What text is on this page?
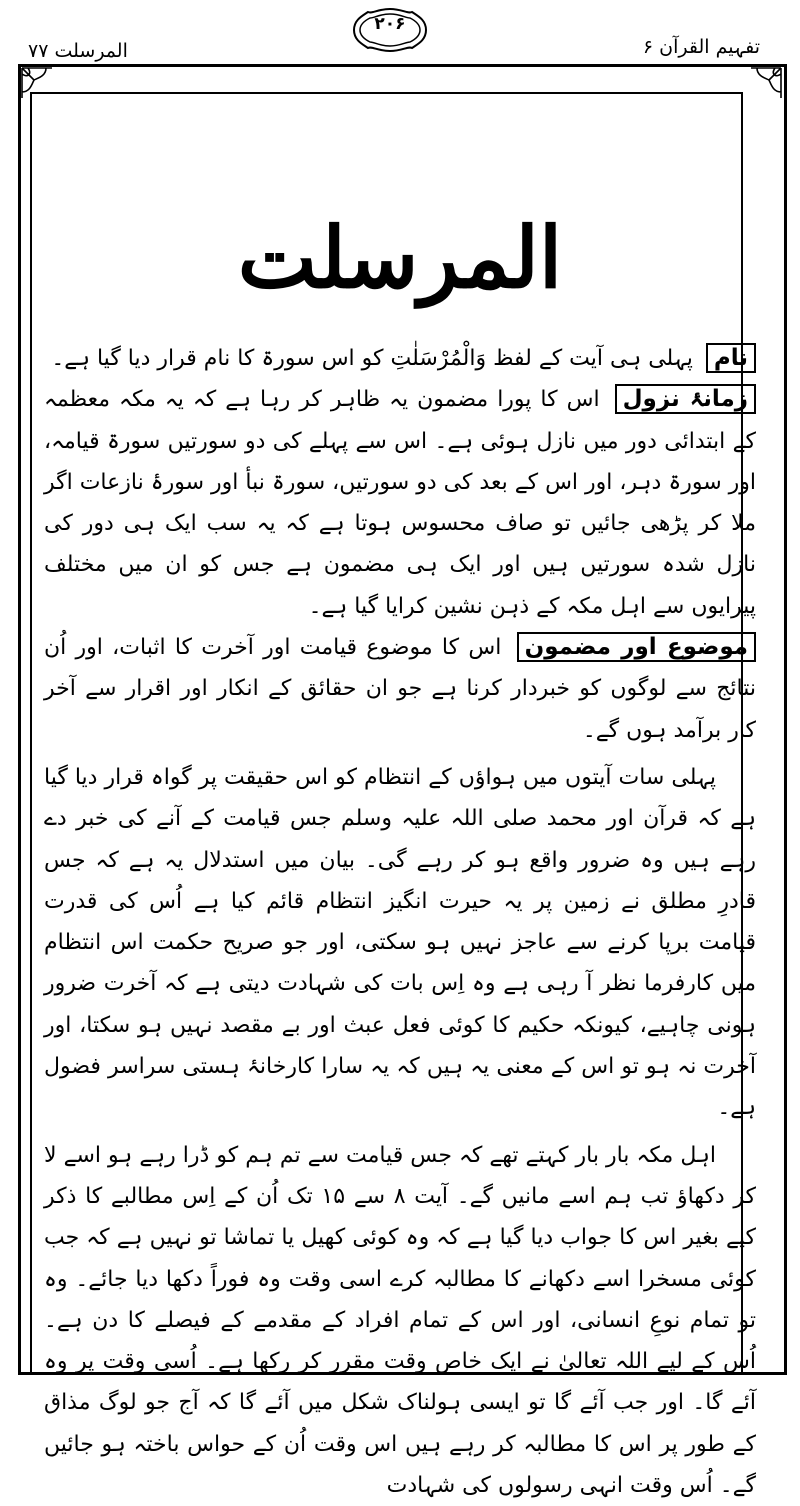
المرسلت ۷۷
۲۰۶
تفہیم القرآن ۶
المرسلت

نام پہلی ہی آیت کے لفظ وَالْمُرْسَلٰتِ کو اس سورۃ کا نام قرار دیا گیا ہے۔

زمانۂ نزول اس کا پورا مضمون یہ ظاہر کر رہا ہے کہ یہ مکہ معظمہ کے ابتدائی دور میں نازل ہوئی ہے۔ اس سے پہلے کی دو سورتیں سورۃ قیامہ، اور سورۃ دہر، اور اس کے بعد کی دو سورتیں، سورۃ نبأ اور سورۂ نازعات اگر ملا کر پڑھی جائیں تو صاف محسوس ہوتا ہے کہ یہ سب ایک ہی دور کی نازل شدہ سورتیں ہیں اور ایک ہی مضمون ہے جس کو ان میں مختلف پیرایوں سے اہل مکہ کے ذہن نشین کرایا گیا ہے۔

موضوع اور مضمون اس کا موضوع قیامت اور آخرت کا اثبات، اور اُن نتائج سے لوگوں کو خبردار کرنا ہے جو ان حقائق کے انکار اور اقرار سے آخر کار برآمد ہوں گے۔

پہلی سات آیتوں میں ہواؤں کے انتظام کو اس حقیقت پر گواہ قرار دیا گیا ہے کہ قرآن اور محمد صلی اللہ علیہ وسلم جس قیامت کے آنے کی خبر دے رہے ہیں وہ ضرور واقع ہو کر رہے گی۔ بیان میں استدلال یہ ہے کہ جس قادرِ مطلق نے زمین پر یہ حیرت انگیز انتظام قائم کیا ہے اُس کی قدرت قیامت برپا کرنے سے عاجز نہیں ہو سکتی، اور جو صریح حکمت اس انتظام میں کارفرما نظر آ رہی ہے وہ اِس بات کی شہادت دیتی ہے کہ آخرت ضرور ہونی چاہیے، کیونکہ حکیم کا کوئی فعل عبث اور بے مقصد نہیں ہو سکتا، اور آخرت نہ ہو تو اس کے معنی یہ ہیں کہ یہ سارا کارخانۂ ہستی سراسر فضول ہے۔

اہل مکہ بار بار کہتے تھے کہ جس قیامت سے تم ہم کو ڈرا رہے ہو اسے لا کر دکھاؤ تب ہم اسے مانیں گے۔ آیت ۸ سے ۱۵ تک اُن کے اِس مطالبے کا ذکر کیے بغیر اس کا جواب دیا گیا ہے کہ وہ کوئی کھیل یا تماشا تو نہیں ہے کہ جب کوئی مسخرا اسے دکھانے کا مطالبہ کرے اسی وقت وہ فوراً دکھا دیا جائے۔ وہ تو تمام نوعِ انسانی، اور اس کے تمام افراد کے مقدمے کے فیصلے کا دن ہے۔ اُس کے لیے اللہ تعالیٰ نے ایک خاص وقت مقرر کر رکھا ہے۔ اُسی وقت پر وہ آئے گا۔ اور جب آئے گا تو ایسی ہولناک شکل میں آئے گا کہ آج جو لوگ مذاق کے طور پر اس کا مطالبہ کر رہے ہیں اس وقت اُن کے حواس باختہ ہو جائیں گے۔ اُس وقت انہی رسولوں کی شہادت
